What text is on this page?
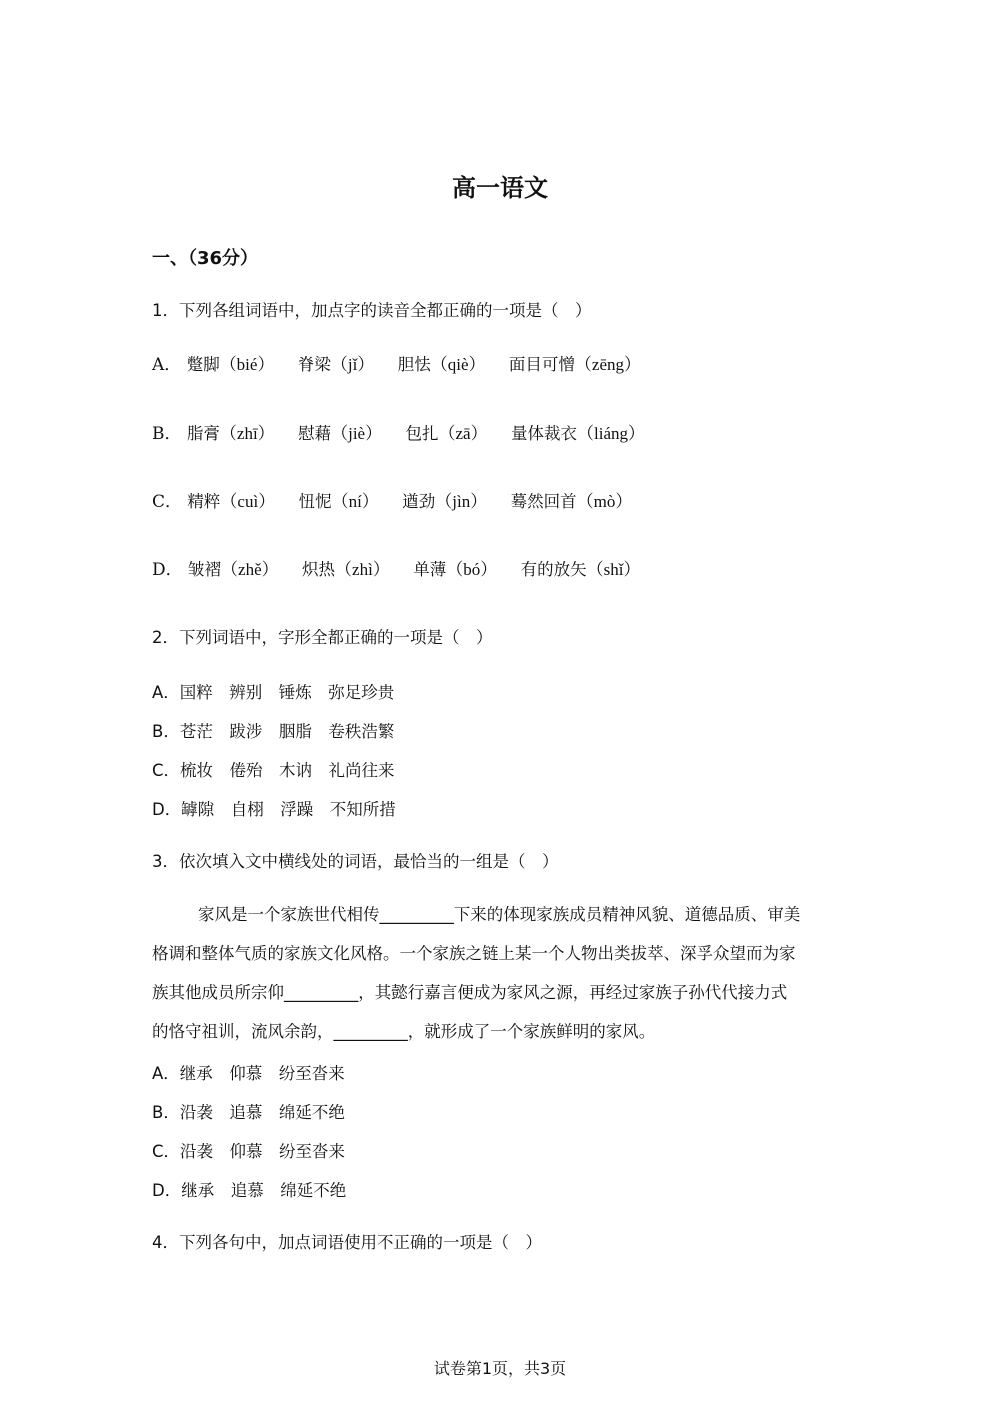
高一语文
一、（36分）
1．下列各组词语中，加点字的读音全都正确的一项是（　）
A． 蹩脚（bié） 脊梁（jǐ） 胆怯（qiè） 面目可憎（zēng）
B． 脂膏（zhī） 慰藉（jiè） 包扎（zā） 量体裁衣（liáng）
C． 精粹（cuì） 忸怩（ní） 遒劲（jìn） 蓦然回首（mò）
D． 皱褶（zhě） 炽热（zhì） 单薄（bó） 有的放矢（shǐ）
2．下列词语中，字形全都正确的一项是（　）
A．国粹　辨别　锤炼　弥足珍贵
B．苍茫　跋涉　胭脂　卷秩浩繁
C．梳妆　倦殆　木讷　礼尚往来
D．罅隙　自栩　浮躁　不知所措
3．依次填入文中横线处的词语，最恰当的一组是（　）
家风是一个家族世代相传_________下来的体现家族成员精神风貌、道德品质、审美
格调和整体气质的家族文化风格。一个家族之链上某一个人物出类拔萃、深孚众望而为家
族其他成员所宗仰_________，其懿行嘉言便成为家风之源，再经过家族子孙代代接力式
的恪守祖训，流风余韵，_________，就形成了一个家族鲜明的家风。
A．继承　仰慕　纷至沓来
B．沿袭　追慕　绵延不绝
C．沿袭　仰慕　纷至沓来
D．继承　追慕　绵延不绝
4．下列各句中，加点词语使用不正确的一项是（　）
试卷第1页，共3页
